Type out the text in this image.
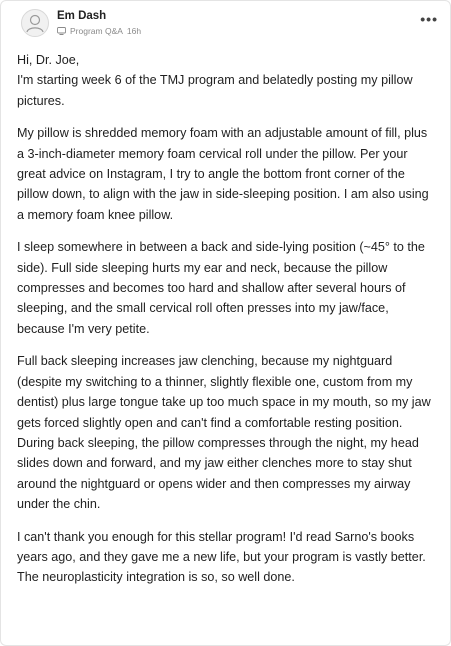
Em Dash
Program Q&A 16h
•••

Hi, Dr. Joe,

I'm starting week 6 of the TMJ program and belatedly posting my pillow pictures.

My pillow is shredded memory foam with an adjustable amount of fill, plus a 3-inch-diameter memory foam cervical roll under the pillow. Per your great advice on Instagram, I try to angle the bottom front corner of the pillow down, to align with the jaw in side-sleeping position. I am also using a memory foam knee pillow.

I sleep somewhere in between a back and side-lying position (~45° to the side). Full side sleeping hurts my ear and neck, because the pillow compresses and becomes too hard and shallow after several hours of sleeping, and the small cervical roll often presses into my jaw/face, because I'm very petite.

Full back sleeping increases jaw clenching, because my nightguard (despite my switching to a thinner, slightly flexible one, custom from my dentist) plus large tongue take up too much space in my mouth, so my jaw gets forced slightly open and can't find a comfortable resting position. During back sleeping, the pillow compresses through the night, my head slides down and forward, and my jaw either clenches more to stay shut around the nightguard or opens wider and then compresses my airway under the chin.

I can't thank you enough for this stellar program! I'd read Sarno's books years ago, and they gave me a new life, but your program is vastly better. The neuroplasticity integration is so, so well done.
